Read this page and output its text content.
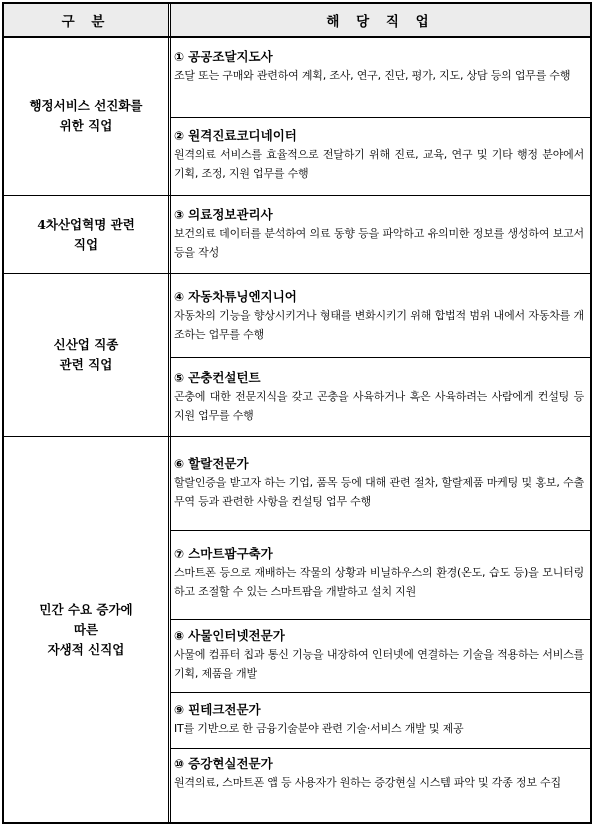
구 분	해 당 직 업
행정서비스 선진화를
위한 직업
4차산업혁명 관련
직업
신산업 직종
관련 직업
민간 수요 증가에
따른
자생적 신직업
① 공공조달지도사
조달 또는 구매와 관련하여 계획, 조사, 연구, 진단, 평가, 지도, 상담 등의 업무를 수행
② 원격진료코디네이터
원격의료 서비스를 효율적으로 전달하기 위해 진료, 교육, 연구 및 기타 행정 분야에서 기획, 조정, 지원 업무를 수행
③ 의료정보관리사
보건의료 데이터를 분석하여 의료 동향 등을 파악하고 유의미한 정보를 생성하여 보고서 등을 작성
④ 자동차튜닝엔지니어
자동차의 기능을 향상시키거나 형태를 변화시키기 위해 합법적 범위 내에서 자동차를 개조하는 업무를 수행
⑤ 곤충컨설턴트
곤충에 대한 전문지식을 갖고 곤충을 사육하거나 혹은 사육하려는 사람에게 컨설팅 등 지원 업무를 수행
⑥ 할랄전문가
할랄인증을 받고자 하는 기업, 품목 등에 대해 관련 절차, 할랄제품 마케팅 및 홍보, 수출무역 등과 관련한 사항을 컨설팅 업무 수행
⑦ 스마트팜구축가
스마트폰 등으로 재배하는 작물의 상황과 비닐하우스의 환경(온도, 습도 등)을 모니터링 하고 조절할 수 있는 스마트팜을 개발하고 설치 지원
⑧ 사물인터넷전문가
사물에 컴퓨터 칩과 통신 기능을 내장하여 인터넷에 연결하는 기술을 적용하는 서비스를 기획, 제품을 개발
⑨ 핀테크전문가
IT를 기반으로 한 금융기술분야 관련 기술·서비스 개발 및 제공
⑩ 증강현실전문가
원격의료, 스마트폰 앱 등 사용자가 원하는 증강현실 시스템 파악 및 각종 정보 수집
